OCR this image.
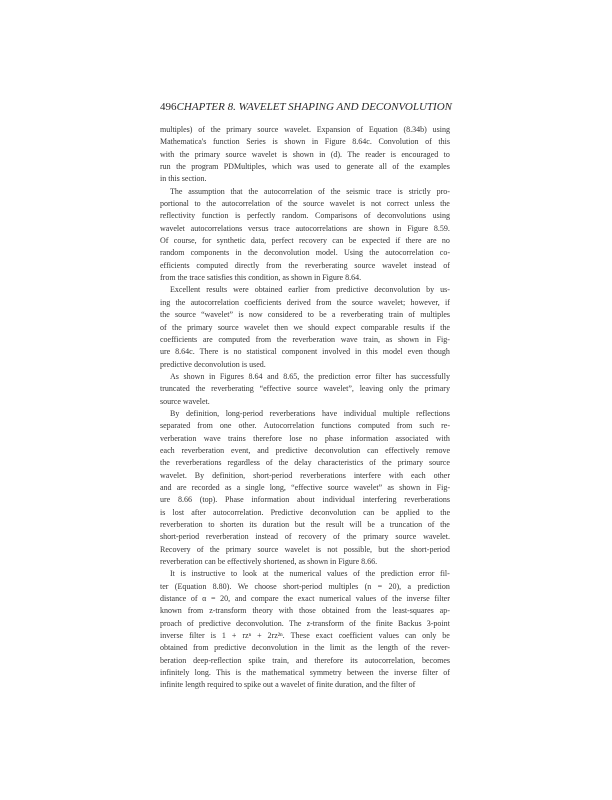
496 CHAPTER 8. WAVELET SHAPING AND DECONVOLUTION
multiples) of the primary source wavelet. Expansion of Equation (8.34b) using
Mathematica's function Series is shown in Figure 8.64c. Convolution of this
with the primary source wavelet is shown in (d). The reader is encouraged to
run the program PDMultiples, which was used to generate all of the examples
in this section.
The assumption that the autocorrelation of the seismic trace is strictly pro-
portional to the autocorrelation of the source wavelet is not correct unless the
reflectivity function is perfectly random. Comparisons of deconvolutions using
wavelet autocorrelations versus trace autocorrelations are shown in Figure 8.59.
Of course, for synthetic data, perfect recovery can be expected if there are no
random components in the deconvolution model. Using the autocorrelation co-
efficients computed directly from the reverberating source wavelet instead of
from the trace satisfies this condition, as shown in Figure 8.64.
Excellent results were obtained earlier from predictive deconvolution by us-
ing the autocorrelation coefficients derived from the source wavelet; however, if
the source “wavelet” is now considered to be a reverberating train of multiples
of the primary source wavelet then we should expect comparable results if the
coefficients are computed from the reverberation wave train, as shown in Fig-
ure 8.64c. There is no statistical component involved in this model even though
predictive deconvolution is used.
As shown in Figures 8.64 and 8.65, the prediction error filter has successfully
truncated the reverberating “effective source wavelet”, leaving only the primary
source wavelet.
By definition, long-period reverberations have individual multiple reflections
separated from one other. Autocorrelation functions computed from such re-
verberation wave trains therefore lose no phase information associated with
each reverberation event, and predictive deconvolution can effectively remove
the reverberations regardless of the delay characteristics of the primary source
wavelet. By definition, short-period reverberations interfere with each other
and are recorded as a single long, “effective source wavelet” as shown in Fig-
ure 8.66 (top). Phase information about individual interfering reverberations
is lost after autocorrelation. Predictive deconvolution can be applied to the
reverberation to shorten its duration but the result will be a truncation of the
short-period reverberation instead of recovery of the primary source wavelet.
Recovery of the primary source wavelet is not possible, but the short-period
reverberation can be effectively shortened, as shown in Figure 8.66.
It is instructive to look at the numerical values of the prediction error fil-
ter (Equation 8.80). We choose short-period multiples (n = 20), a prediction
distance of α = 20, and compare the exact numerical values of the inverse filter
known from z-transform theory with those obtained from the least-squares ap-
proach of predictive deconvolution. The z-transform of the finite Backus 3-point
inverse filter is 1 + rzⁿ + 2rz²ⁿ. These exact coefficient values can only be
obtained from predictive deconvolution in the limit as the length of the rever-
beration deep-reflection spike train, and therefore its autocorrelation, becomes
infinitely long. This is the mathematical symmetry between the inverse filter of
infinite length required to spike out a wavelet of finite duration, and the filter of
